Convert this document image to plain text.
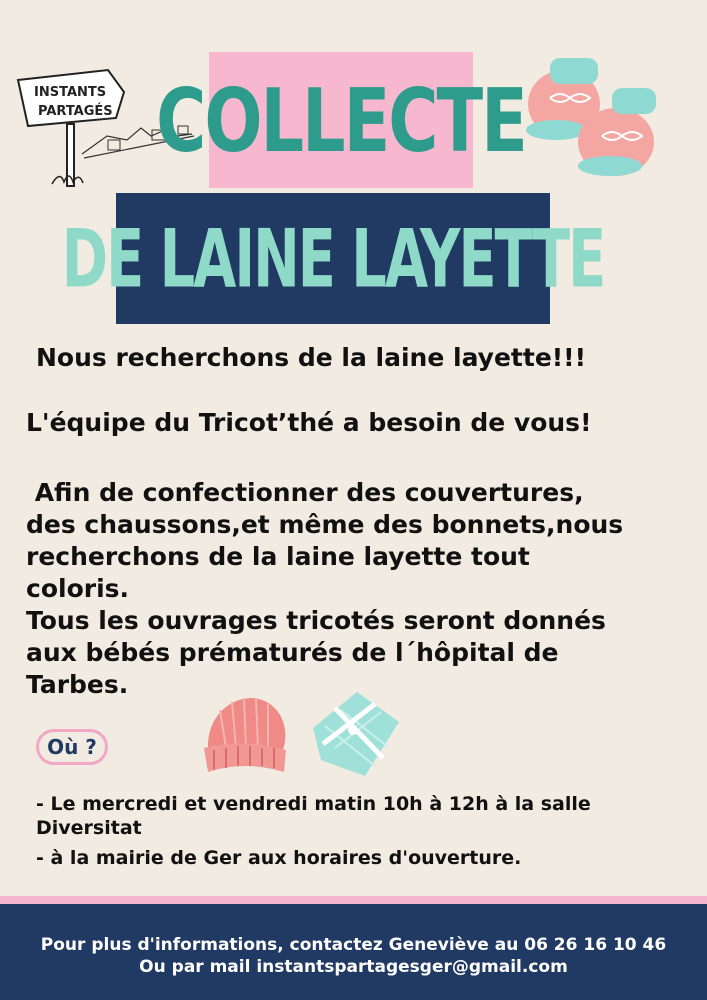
INSTANTS
PARTAGÉS COLLECTE
DE LAINE LAYETTE

Nous recherchons de la laine layette!!!

L'équipe du Tricot’thé a besoin de vous!

Afin de confectionner des couvertures,
des chaussons,et même des bonnets,nous
recherchons de la laine layette tout
coloris.
Tous les ouvrages tricotés seront donnés
aux bébés prématurés de l´hôpital de
Tarbes.
Où ?
- Le mercredi et vendredi matin 10h à 12h à la salle
Diversitat
- à la mairie de Ger aux horaires d'ouverture.
Pour plus d'informations, contactez Geneviève au 06 26 16 10 46
Ou par mail instantspartagesger@gmail.com
